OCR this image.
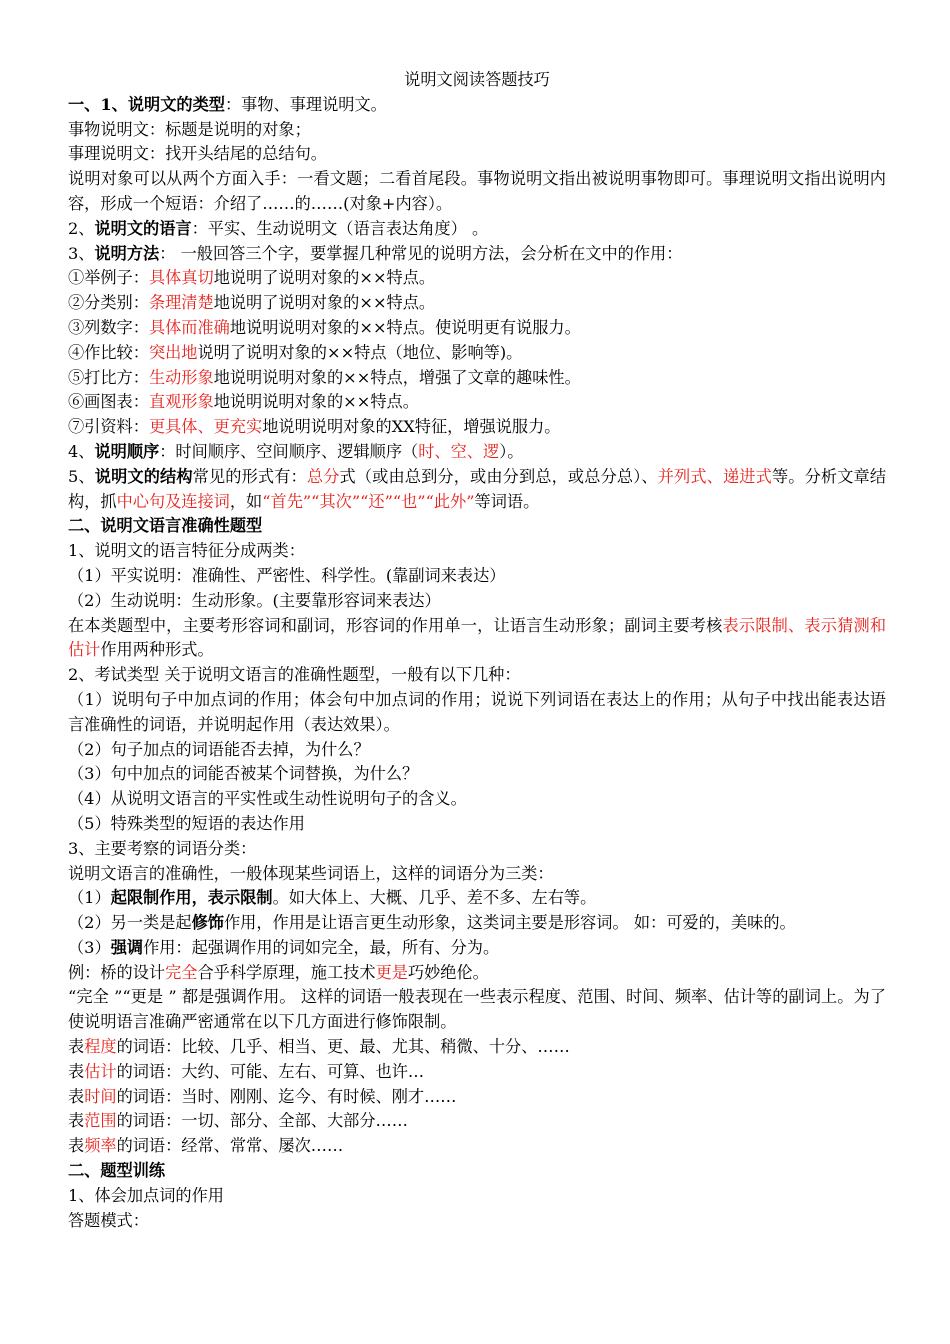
说明文阅读答题技巧

一、1、说明文的类型：事物、事理说明文。

事物说明文：标题是说明的对象；

事理说明文：找开头结尾的总结句。

说明对象可以从两个方面入手：一看文题；二看首尾段。事物说明文指出被说明事物即可。事理说明文指出说明内容，形成一个短语：介绍了……的……(对象+内容）。

2、说明文的语言：平实、生动说明文（语言表达角度） 。

3、说明方法： 一般回答三个字，要掌握几种常见的说明方法，会分析在文中的作用：

①举例子：具体真切地说明了说明对象的××特点。

②分类别：条理清楚地说明了说明对象的××特点。

③列数字：具体而准确地说明说明对象的××特点。使说明更有说服力。

④作比较：突出地说明了说明对象的××特点（地位、影响等)。

⑤打比方：生动形象地说明说明对象的××特点，增强了文章的趣味性。

⑥画图表：直观形象地说明说明对象的××特点。

⑦引资料：更具体、更充实地说明说明对象的XX特征，增强说服力。

4、说明顺序：时间顺序、空间顺序、逻辑顺序（时、空、逻）。

5、说明文的结构常见的形式有：总分式（或由总到分，或由分到总，或总分总）、并列式、递进式等。分析文章结构，抓中心句及连接词，如“首先”“其次”“还”“也”“此外”等词语。

二、说明文语言准确性题型

1、说明文的语言特征分成两类：

（1）平实说明：准确性、严密性、科学性。(靠副词来表达）

（2）生动说明：生动形象。(主要靠形容词来表达）

在本类题型中，主要考形容词和副词，形容词的作用单一，让语言生动形象；副词主要考核表示限制、表示猜测和估计作用两种形式。

2、考试类型 关于说明文语言的准确性题型，一般有以下几种：

（1）说明句子中加点词的作用；体会句中加点词的作用；说说下列词语在表达上的作用；从句子中找出能表达语言准确性的词语，并说明起作用（表达效果）。

（2）句子加点的词语能否去掉，为什么？

（3）句中加点的词能否被某个词替换，为什么？

（4）从说明文语言的平实性或生动性说明句子的含义。

（5）特殊类型的短语的表达作用

3、主要考察的词语分类：

说明文语言的准确性，一般体现某些词语上，这样的词语分为三类：

（1）起限制作用，表示限制。如大体上、大概、几乎、差不多、左右等。

（2）另一类是起修饰作用，作用是让语言更生动形象，这类词主要是形容词。 如：可爱的，美味的。

（3）强调作用：起强调作用的词如完全，最，所有、分为。

例：桥的设计完全合乎科学原理，施工技术更是巧妙绝伦。

“完全 ”“更是 ” 都是强调作用。 这样的词语一般表现在一些表示程度、范围、时间、频率、估计等的副词上。为了使说明语言准确严密通常在以下几方面进行修饰限制。

表程度的词语：比较、几乎、相当、更、最、尤其、稍微、十分、……

表估计的词语：大约、可能、左右、可算、也许…

表时间的词语：当时、刚刚、迄今、有时候、刚才……

表范围的词语：一切、部分、全部、大部分……

表频率的词语：经常、常常、屡次……

二、题型训练

1、体会加点词的作用

答题模式：
